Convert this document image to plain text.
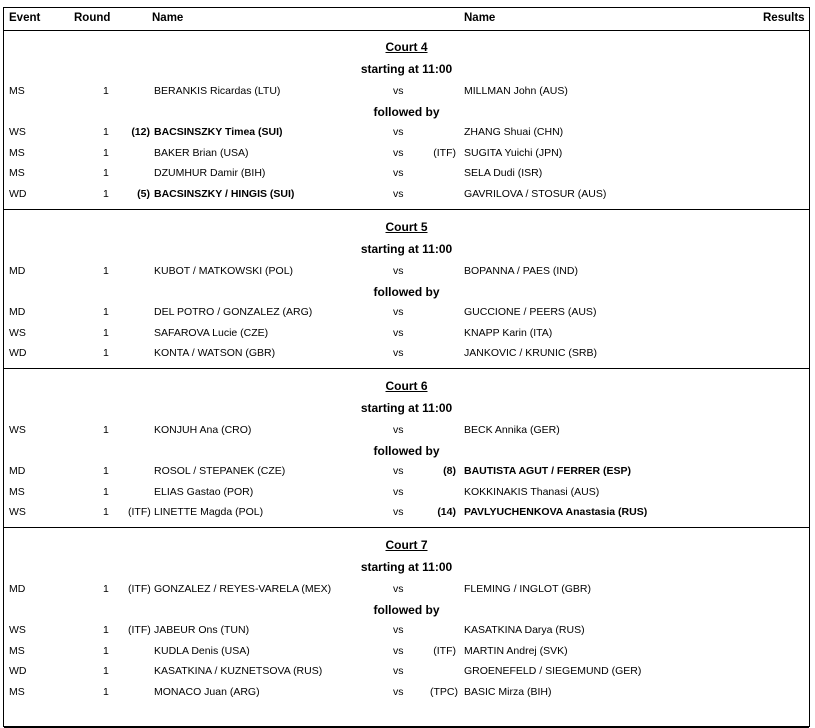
Event	Round	Name	Name	Results
Court 4
starting at 11:00
MS	1	BERANKIS Ricardas (LTU)	vs	MILLMAN John (AUS)
followed by
WS	1	(12) BACSINSZKY Timea (SUI)	vs	ZHANG Shuai (CHN)
MS	1	BAKER Brian (USA)	vs	(ITF) SUGITA Yuichi (JPN)
MS	1	DZUMHUR Damir (BIH)	vs	SELA Dudi (ISR)
WD	1	(5) BACSINSZKY / HINGIS (SUI)	vs	GAVRILOVA / STOSUR (AUS)
Court 5
starting at 11:00
MD	1	KUBOT / MATKOWSKI (POL)	vs	BOPANNA / PAES (IND)
followed by
MD	1	DEL POTRO / GONZALEZ (ARG)	vs	GUCCIONE / PEERS (AUS)
WS	1	SAFAROVA Lucie (CZE)	vs	KNAPP Karin (ITA)
WD	1	KONTA / WATSON (GBR)	vs	JANKOVIC / KRUNIC (SRB)
Court 6
starting at 11:00
WS	1	KONJUH Ana (CRO)	vs	BECK Annika (GER)
followed by
MD	1	ROSOL / STEPANEK (CZE)	vs	(8) BAUTISTA AGUT / FERRER (ESP)
MS	1	ELIAS Gastao (POR)	vs	KOKKINAKIS Thanasi (AUS)
WS	1 (ITF) LINETTE Magda (POL)	vs	(14) PAVLYUCHENKOVA Anastasia (RUS)
Court 7
starting at 11:00
MD	1 (ITF) GONZALEZ / REYES-VARELA (MEX)	vs	FLEMING / INGLOT (GBR)
followed by
WS	1 (ITF) JABEUR Ons (TUN)	vs	KASATKINA Darya (RUS)
MS	1	KUDLA Denis (USA)	vs	(ITF) MARTIN Andrej (SVK)
WD	1	KASATKINA / KUZNETSOVA (RUS)	vs	GROENEFELD / SIEGEMUND (GER)
MS	1	MONACO Juan (ARG)	vs	(TPC) BASIC Mirza (BIH)
